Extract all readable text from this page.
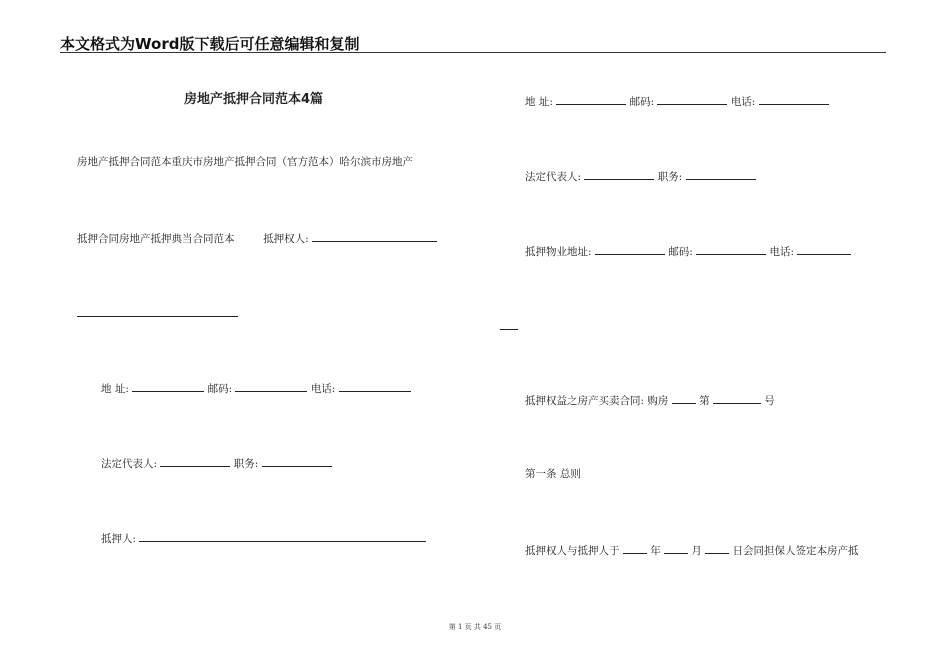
本文格式为Word版下载后可任意编辑和复制
房地产抵押合同范本4篇
房地产抵押合同范本重庆市房地产抵押合同（官方范本）哈尔滨市房地产
抵押合同房地产抵押典当合同范本	抵押权人:
地 址:	邮码:	电话:
法定代表人:	职务:
抵押人:
地 址:	邮码:	电话:
法定代表人:	职务:
抵押物业地址:	邮码:	电话:
抵押权益之房产买卖合同: 购房	第	号
第一条 总则
抵押权人与抵押人于	年	月	日会同担保人签定本房产抵
第 1 页 共 45 页
